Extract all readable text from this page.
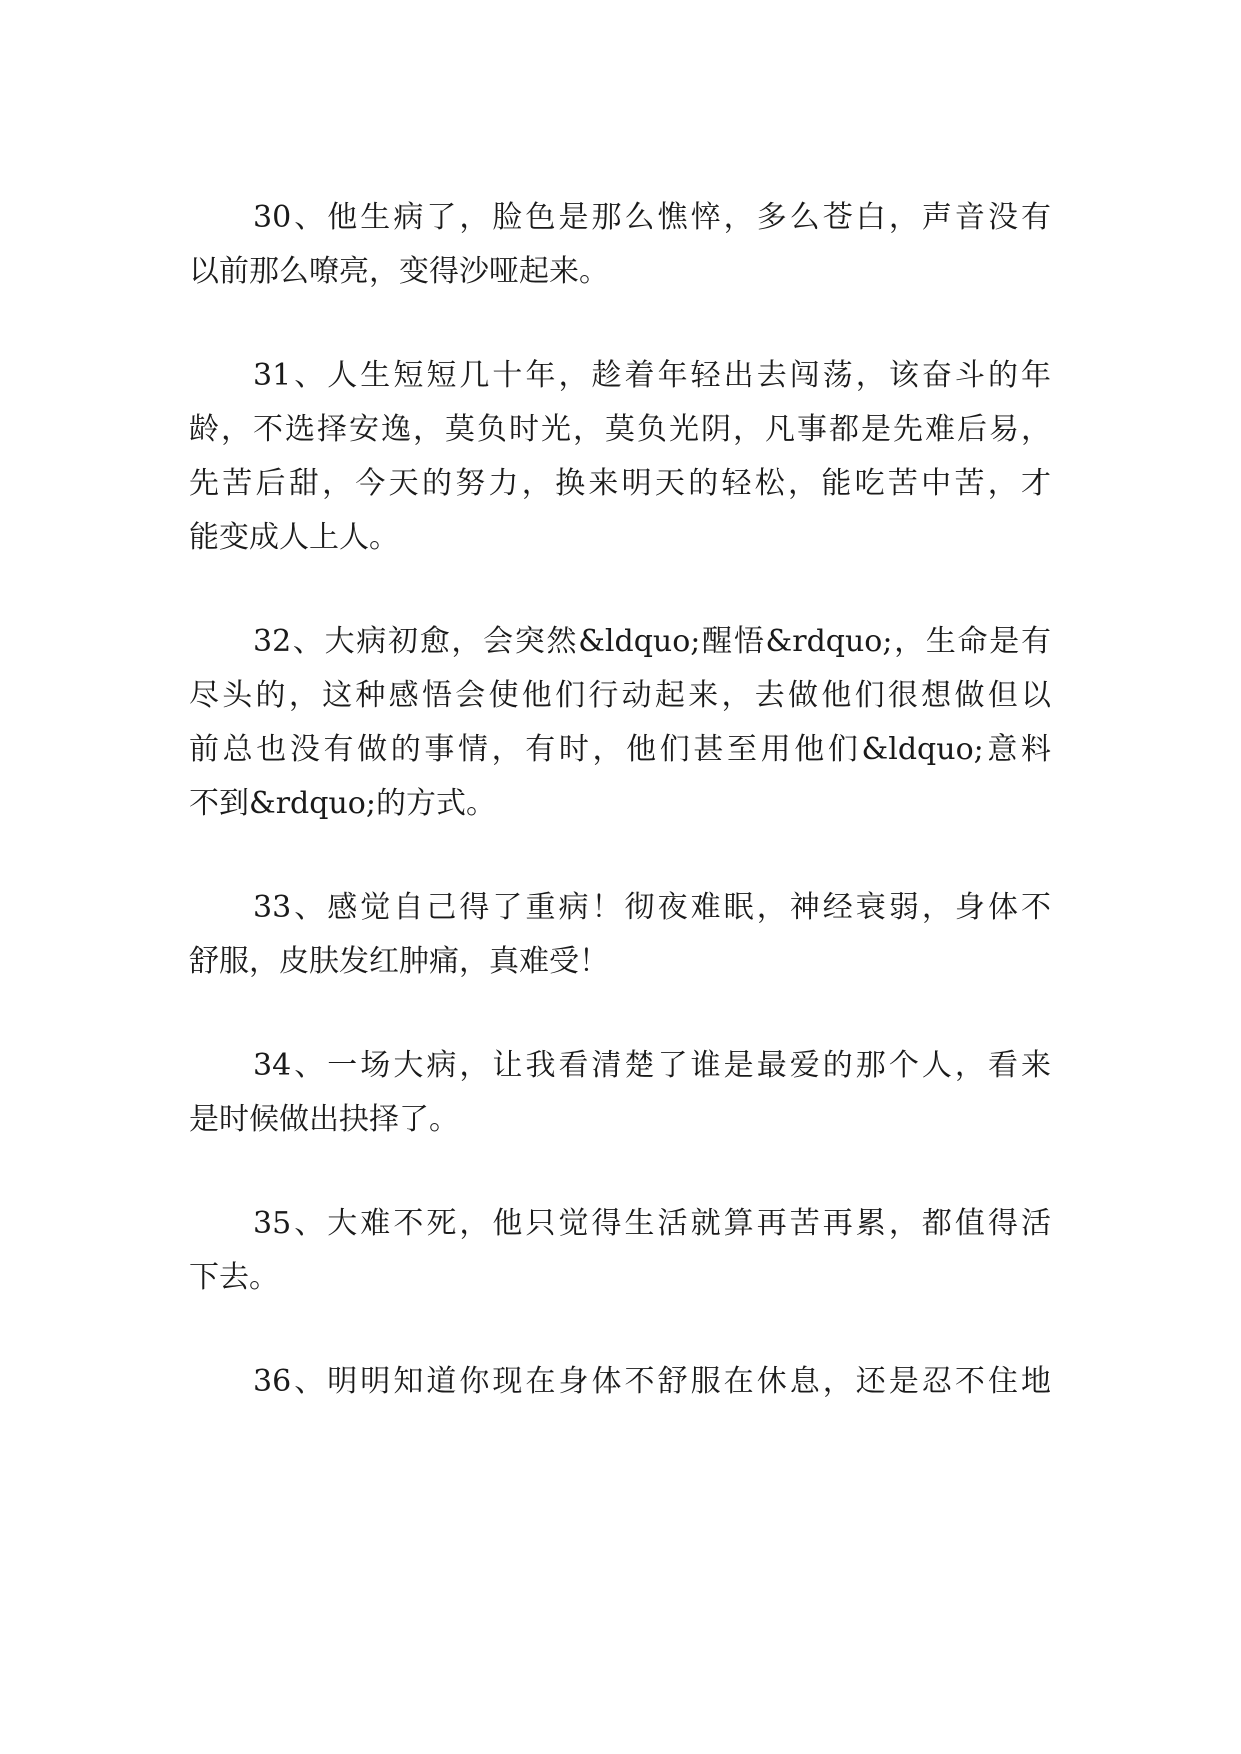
30、他生病了，脸色是那么憔悴，多么苍白，声音没有
以前那么嘹亮，变得沙哑起来。
31、人生短短几十年，趁着年轻出去闯荡，该奋斗的年
龄，不选择安逸，莫负时光，莫负光阴，凡事都是先难后易，
先苦后甜，今天的努力，换来明天的轻松，能吃苦中苦，才
能变成人上人。
32、大病初愈，会突然&ldquo;醒悟&rdquo;，生命是有
尽头的，这种感悟会使他们行动起来，去做他们很想做但以
前总也没有做的事情，有时，他们甚至用他们&ldquo;意料
不到&rdquo;的方式。
33、感觉自己得了重病！彻夜难眠，神经衰弱，身体不
舒服，皮肤发红肿痛，真难受！
34、一场大病，让我看清楚了谁是最爱的那个人，看来
是时候做出抉择了。
35、大难不死，他只觉得生活就算再苦再累，都值得活
下去。
36、明明知道你现在身体不舒服在休息，还是忍不住地
